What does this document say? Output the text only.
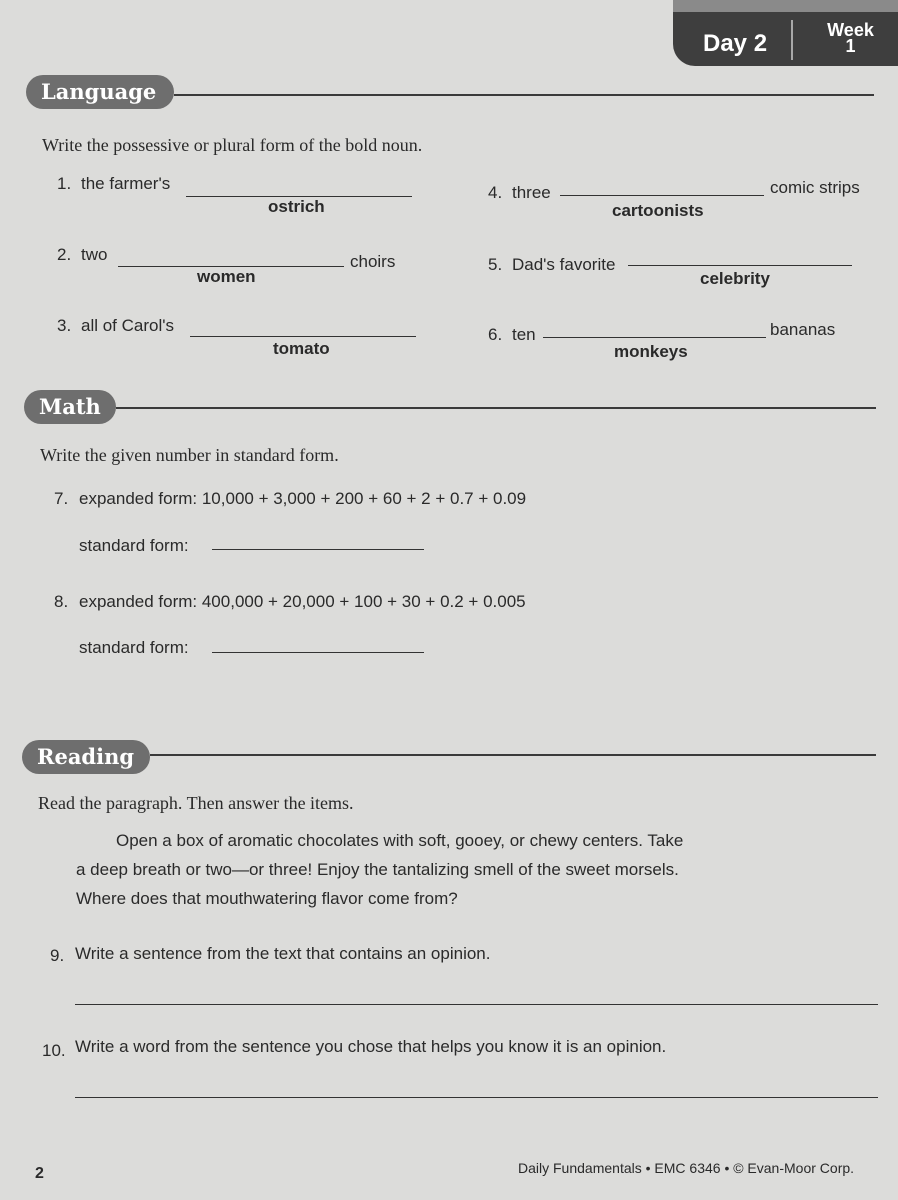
Day 2	Week
1
Language
Write the possessive or plural form of the bold noun.
1. the farmer's
ostrich
2. two	choirs
women
3. all of Carol's
tomato
4. three	comic strips
cartoonists
5. Dad's favorite
celebrity
6. ten	bananas
monkeys
Math
Write the given number in standard form.
7. expanded form: 10,000 + 3,000 + 200 + 60 + 2 + 0.7 + 0.09
standard form:
8. expanded form: 400,000 + 20,000 + 100 + 30 + 0.2 + 0.005
standard form:
Reading
Read the paragraph. Then answer the items.
Open a box of aromatic chocolates with soft, gooey, or chewy centers. Take
a deep breath or two—or three! Enjoy the tantalizing smell of the sweet morsels.
Where does that mouthwatering flavor come from?
9. Write a sentence from the text that contains an opinion.
10. Write a word from the sentence you chose that helps you know it is an opinion.
2	Daily Fundamentals • EMC 6346 • © Evan-Moor Corp.
